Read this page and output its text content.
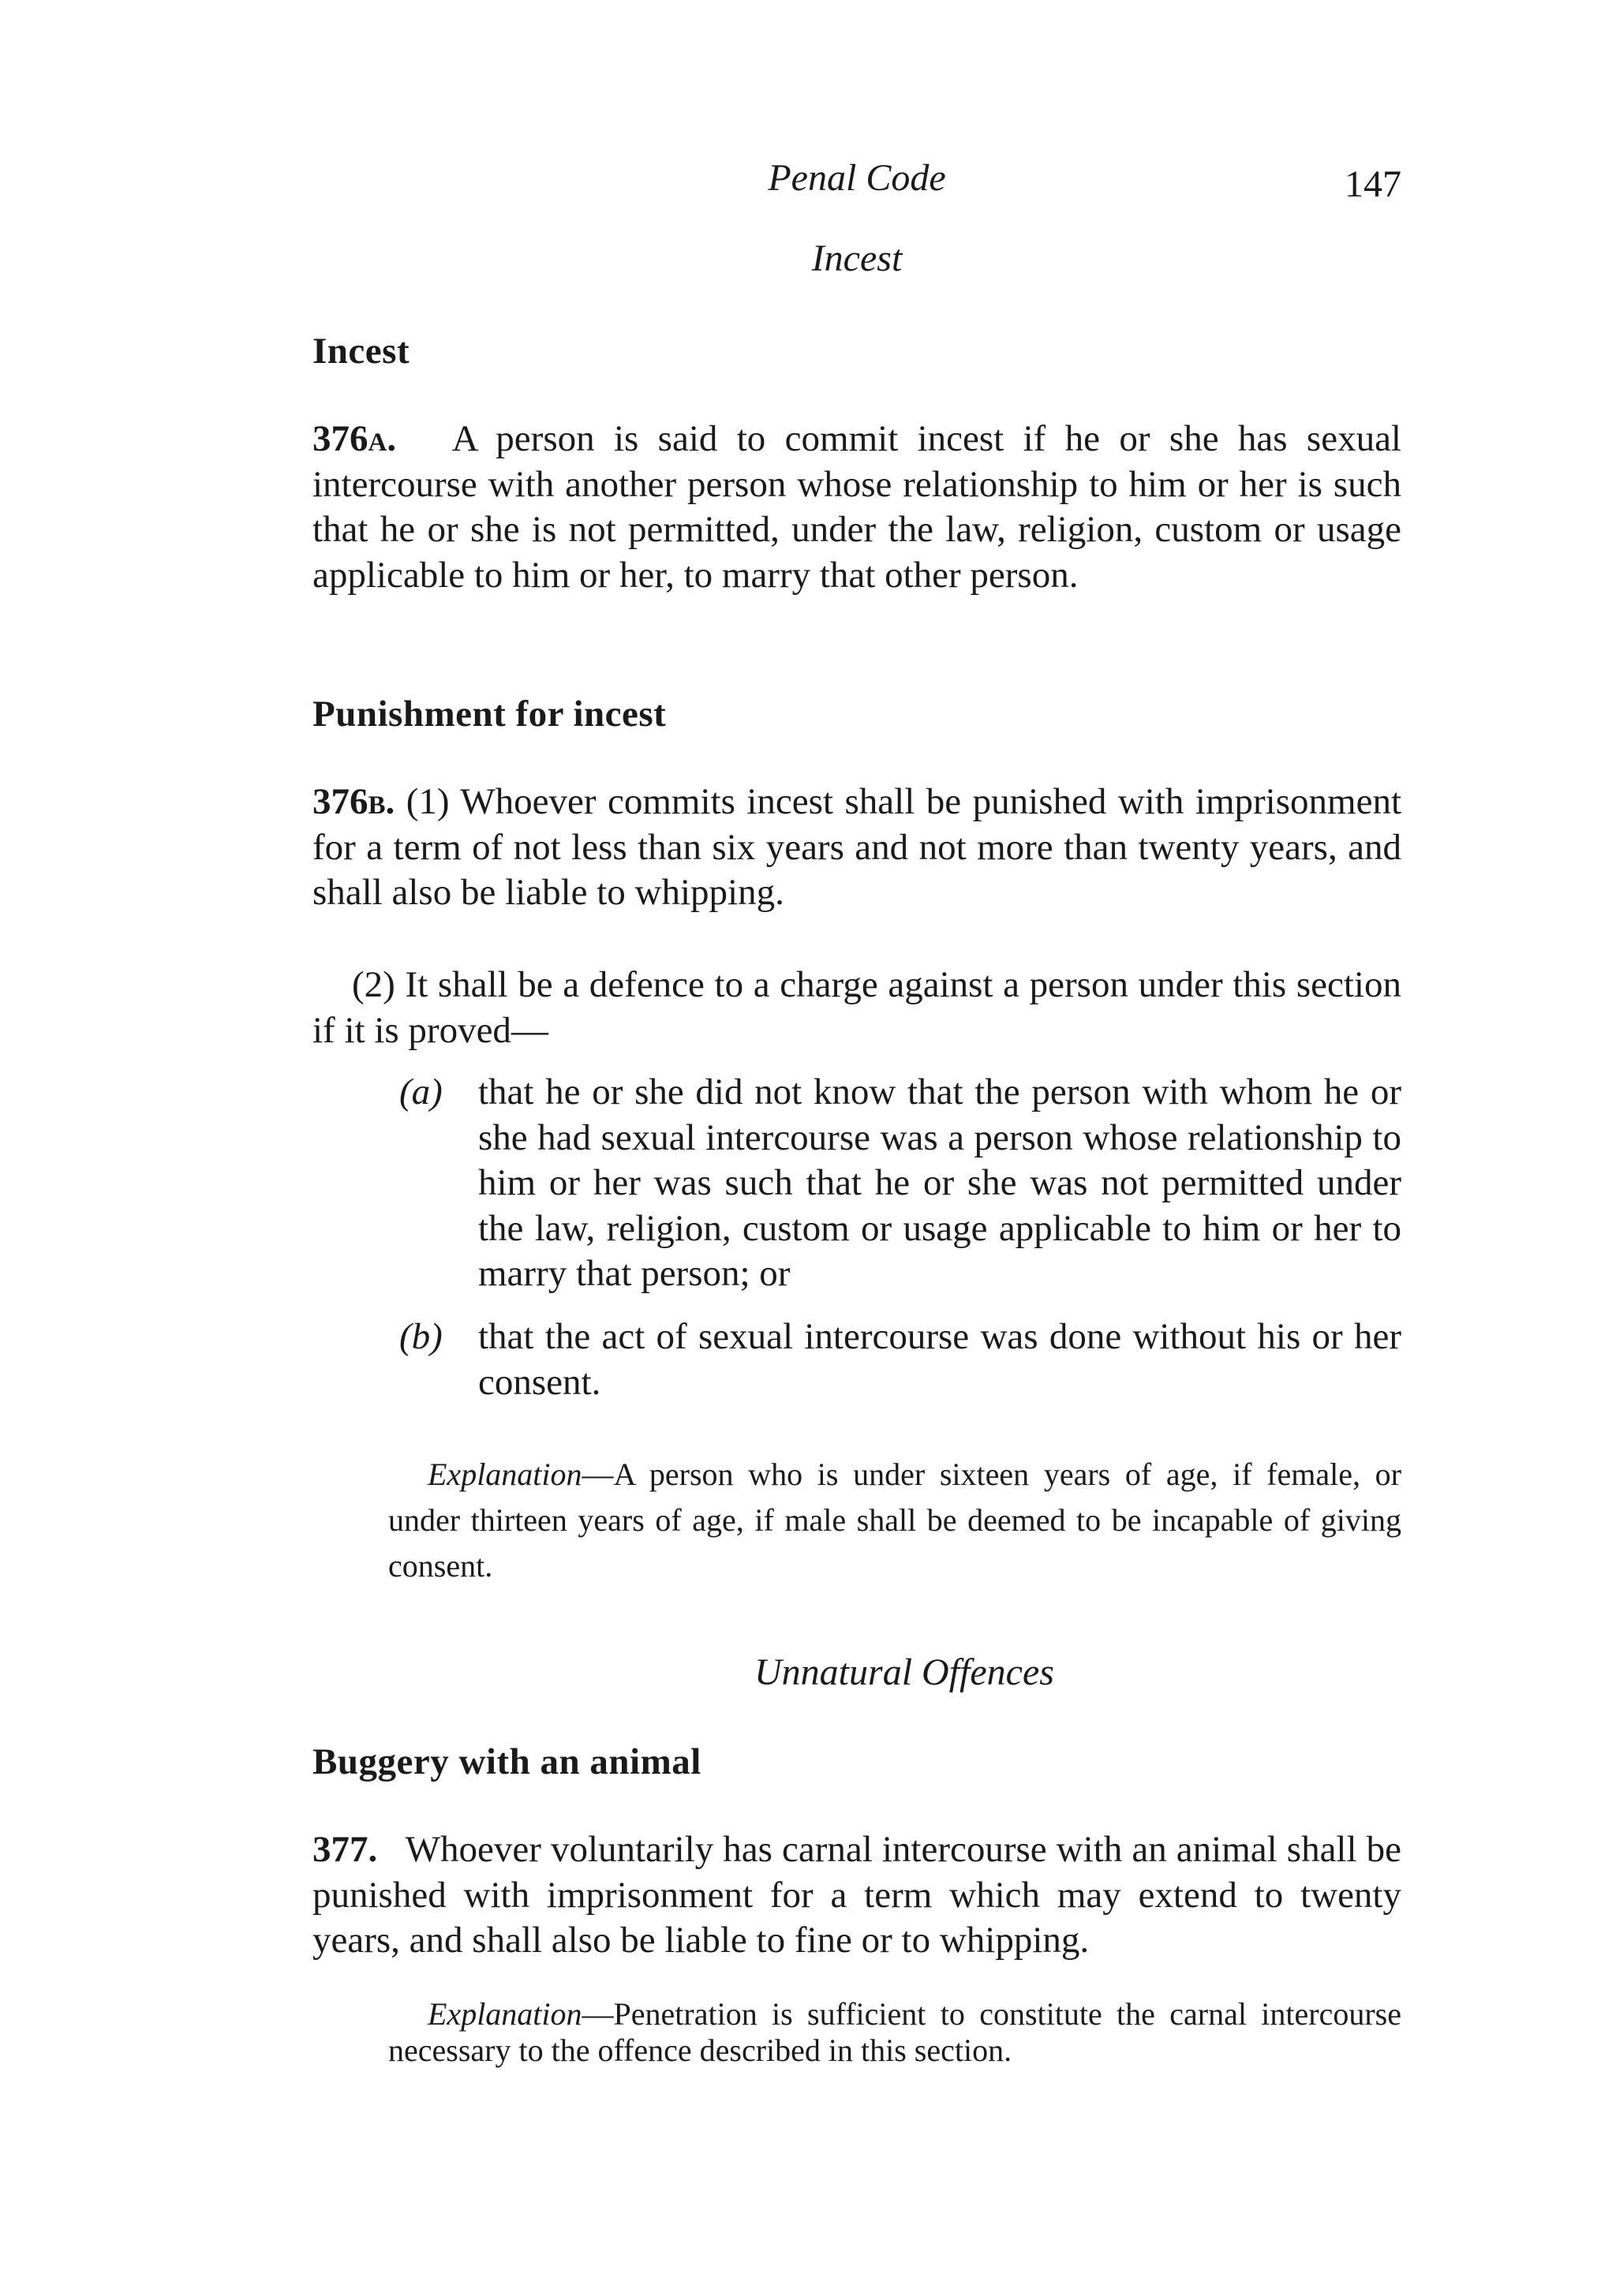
Penal Code	147
Incest
Incest

376a. A person is said to commit incest if he or she has sexual intercourse with another person whose relationship to him or her is such that he or she is not permitted, under the law, religion, custom or usage applicable to him or her, to marry that other person.

Punishment for incest

376b. (1) Whoever commits incest shall be punished with imprisonment for a term of not less than six years and not more than twenty years, and shall also be liable to whipping.

(2) It shall be a defence to a charge against a person under this section if it is proved—

(a) that he or she did not know that the person with whom he or she had sexual intercourse was a person whose relationship to him or her was such that he or she was not permitted under the law, religion, custom or usage applicable to him or her to marry that person; or
(b) that the act of sexual intercourse was done without his or her consent.

Explanation—A person who is under sixteen years of age, if female, or under thirteen years of age, if male shall be deemed to be incapable of giving consent.

Unnatural Offences
Buggery with an animal

377. Whoever voluntarily has carnal intercourse with an animal shall be punished with imprisonment for a term which may extend to twenty years, and shall also be liable to fine or to whipping.

Explanation—Penetration is sufficient to constitute the carnal intercourse necessary to the offence described in this section.
